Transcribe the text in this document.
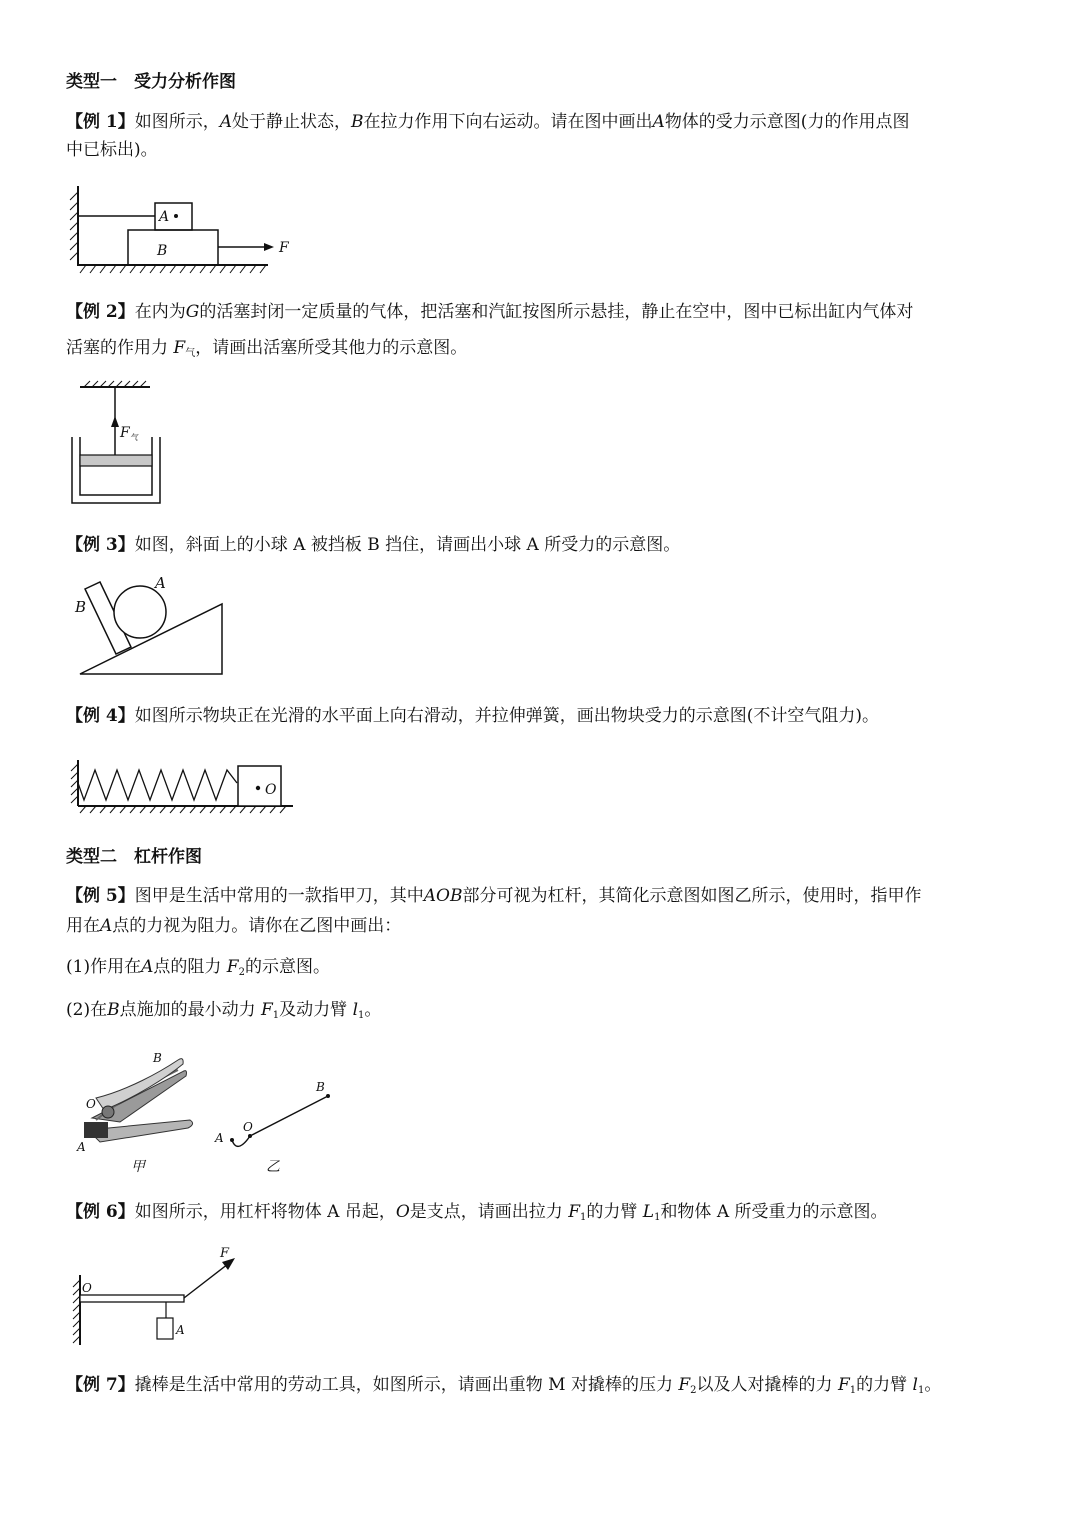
类型一　受力分析作图
【例 1】如图所示，A处于静止状态，B在拉力作用下向右运动。请在图中画出A物体的受力示意图(力的作用点图
中已标出)。
A
B	F
【例 2】在内为G的活塞封闭一定质量的气体，把活塞和汽缸按图所示悬挂，静止在空中，图中已标出缸内气体对
活塞的作用力 $F_气$，请画出活塞所受其他力的示意图。
$F_气$
【例 3】如图，斜面上的小球 A 被挡板 B 挡住，请画出小球 A 所受力的示意图。
A
B
【例 4】如图所示物块正在光滑的水平面上向右滑动，并拉伸弹簧，画出物块受力的示意图(不计空气阻力)。
O
类型二　杠杆作图
【例 5】图甲是生活中常用的一款指甲刀，其中AOB部分可视为杠杆，其简化示意图如图乙所示，使用时，指甲作
用在A点的力视为阻力。请你在乙图中画出：
(1)作用在A点的阻力 $F_2$的示意图。
(2)在B点施加的最小动力 $F_1$及动力臂 $l_1$。
B
O
A
A
O
B
甲	乙
【例 6】如图所示，用杠杆将物体 A 吊起，O是支点，请画出拉力 $F_1$的力臂 $L_1$和物体 A 所受重力的示意图。
O
F
A
【例 7】撬棒是生活中常用的劳动工具，如图所示，请画出重物 M 对撬棒的压力 $F_2$以及人对撬棒的力 $F_1$的力臂 $l_1$。
